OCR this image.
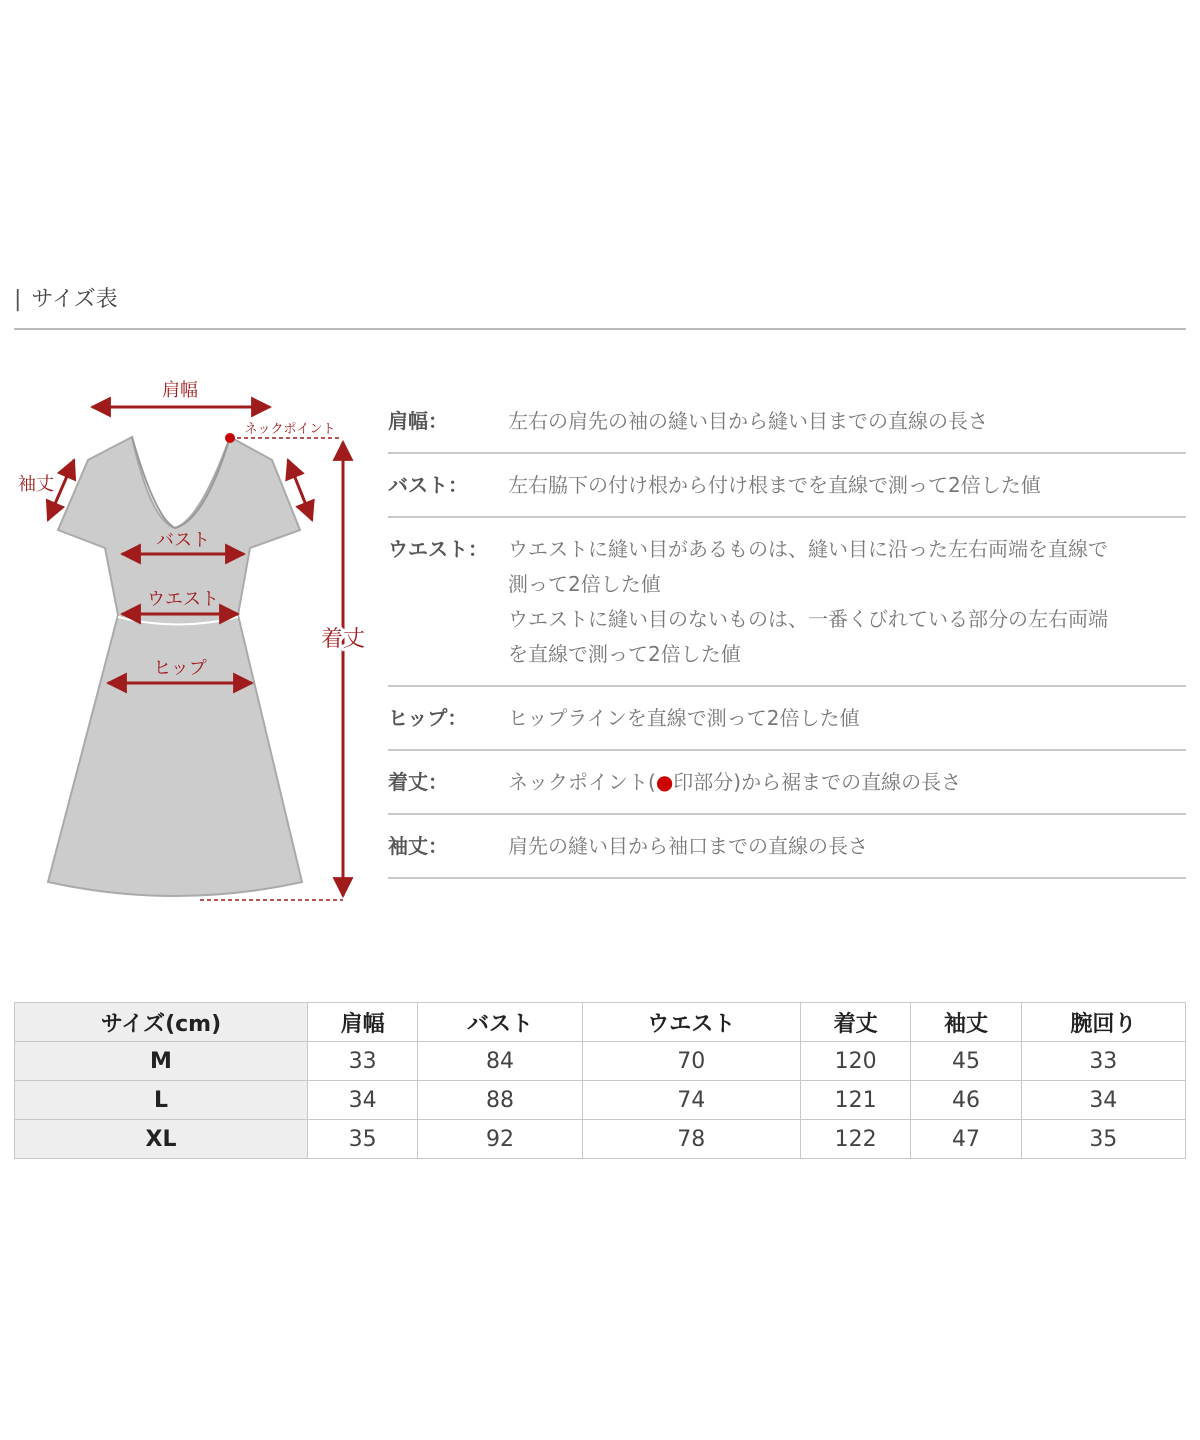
| サイズ表
肩幅
ネックポイント
袖丈
バスト
ウエスト
ヒップ
着丈
肩幅：	左右の肩先の袖の縫い目から縫い目までの直線の長さ
バスト：	左右脇下の付け根から付け根までを直線で測って2倍した値
ウエスト：	ウエストに縫い目があるものは、縫い目に沿った左右両端を直線で
測って2倍した値
ウエストに縫い目のないものは、一番くびれている部分の左右両端
を直線で測って2倍した値
ヒップ：	ヒップラインを直線で測って2倍した値
着丈：	ネックポイント(●印部分)から裾までの直線の長さ
袖丈：	肩先の縫い目から袖口までの直線の長さ
サイズ(cm)	肩幅	バスト	ウエスト	着丈	袖丈	腕回り
M	33	84	70	120	45	33
L	34	88	74	121	46	34
XL	35	92	78	122	47	35
